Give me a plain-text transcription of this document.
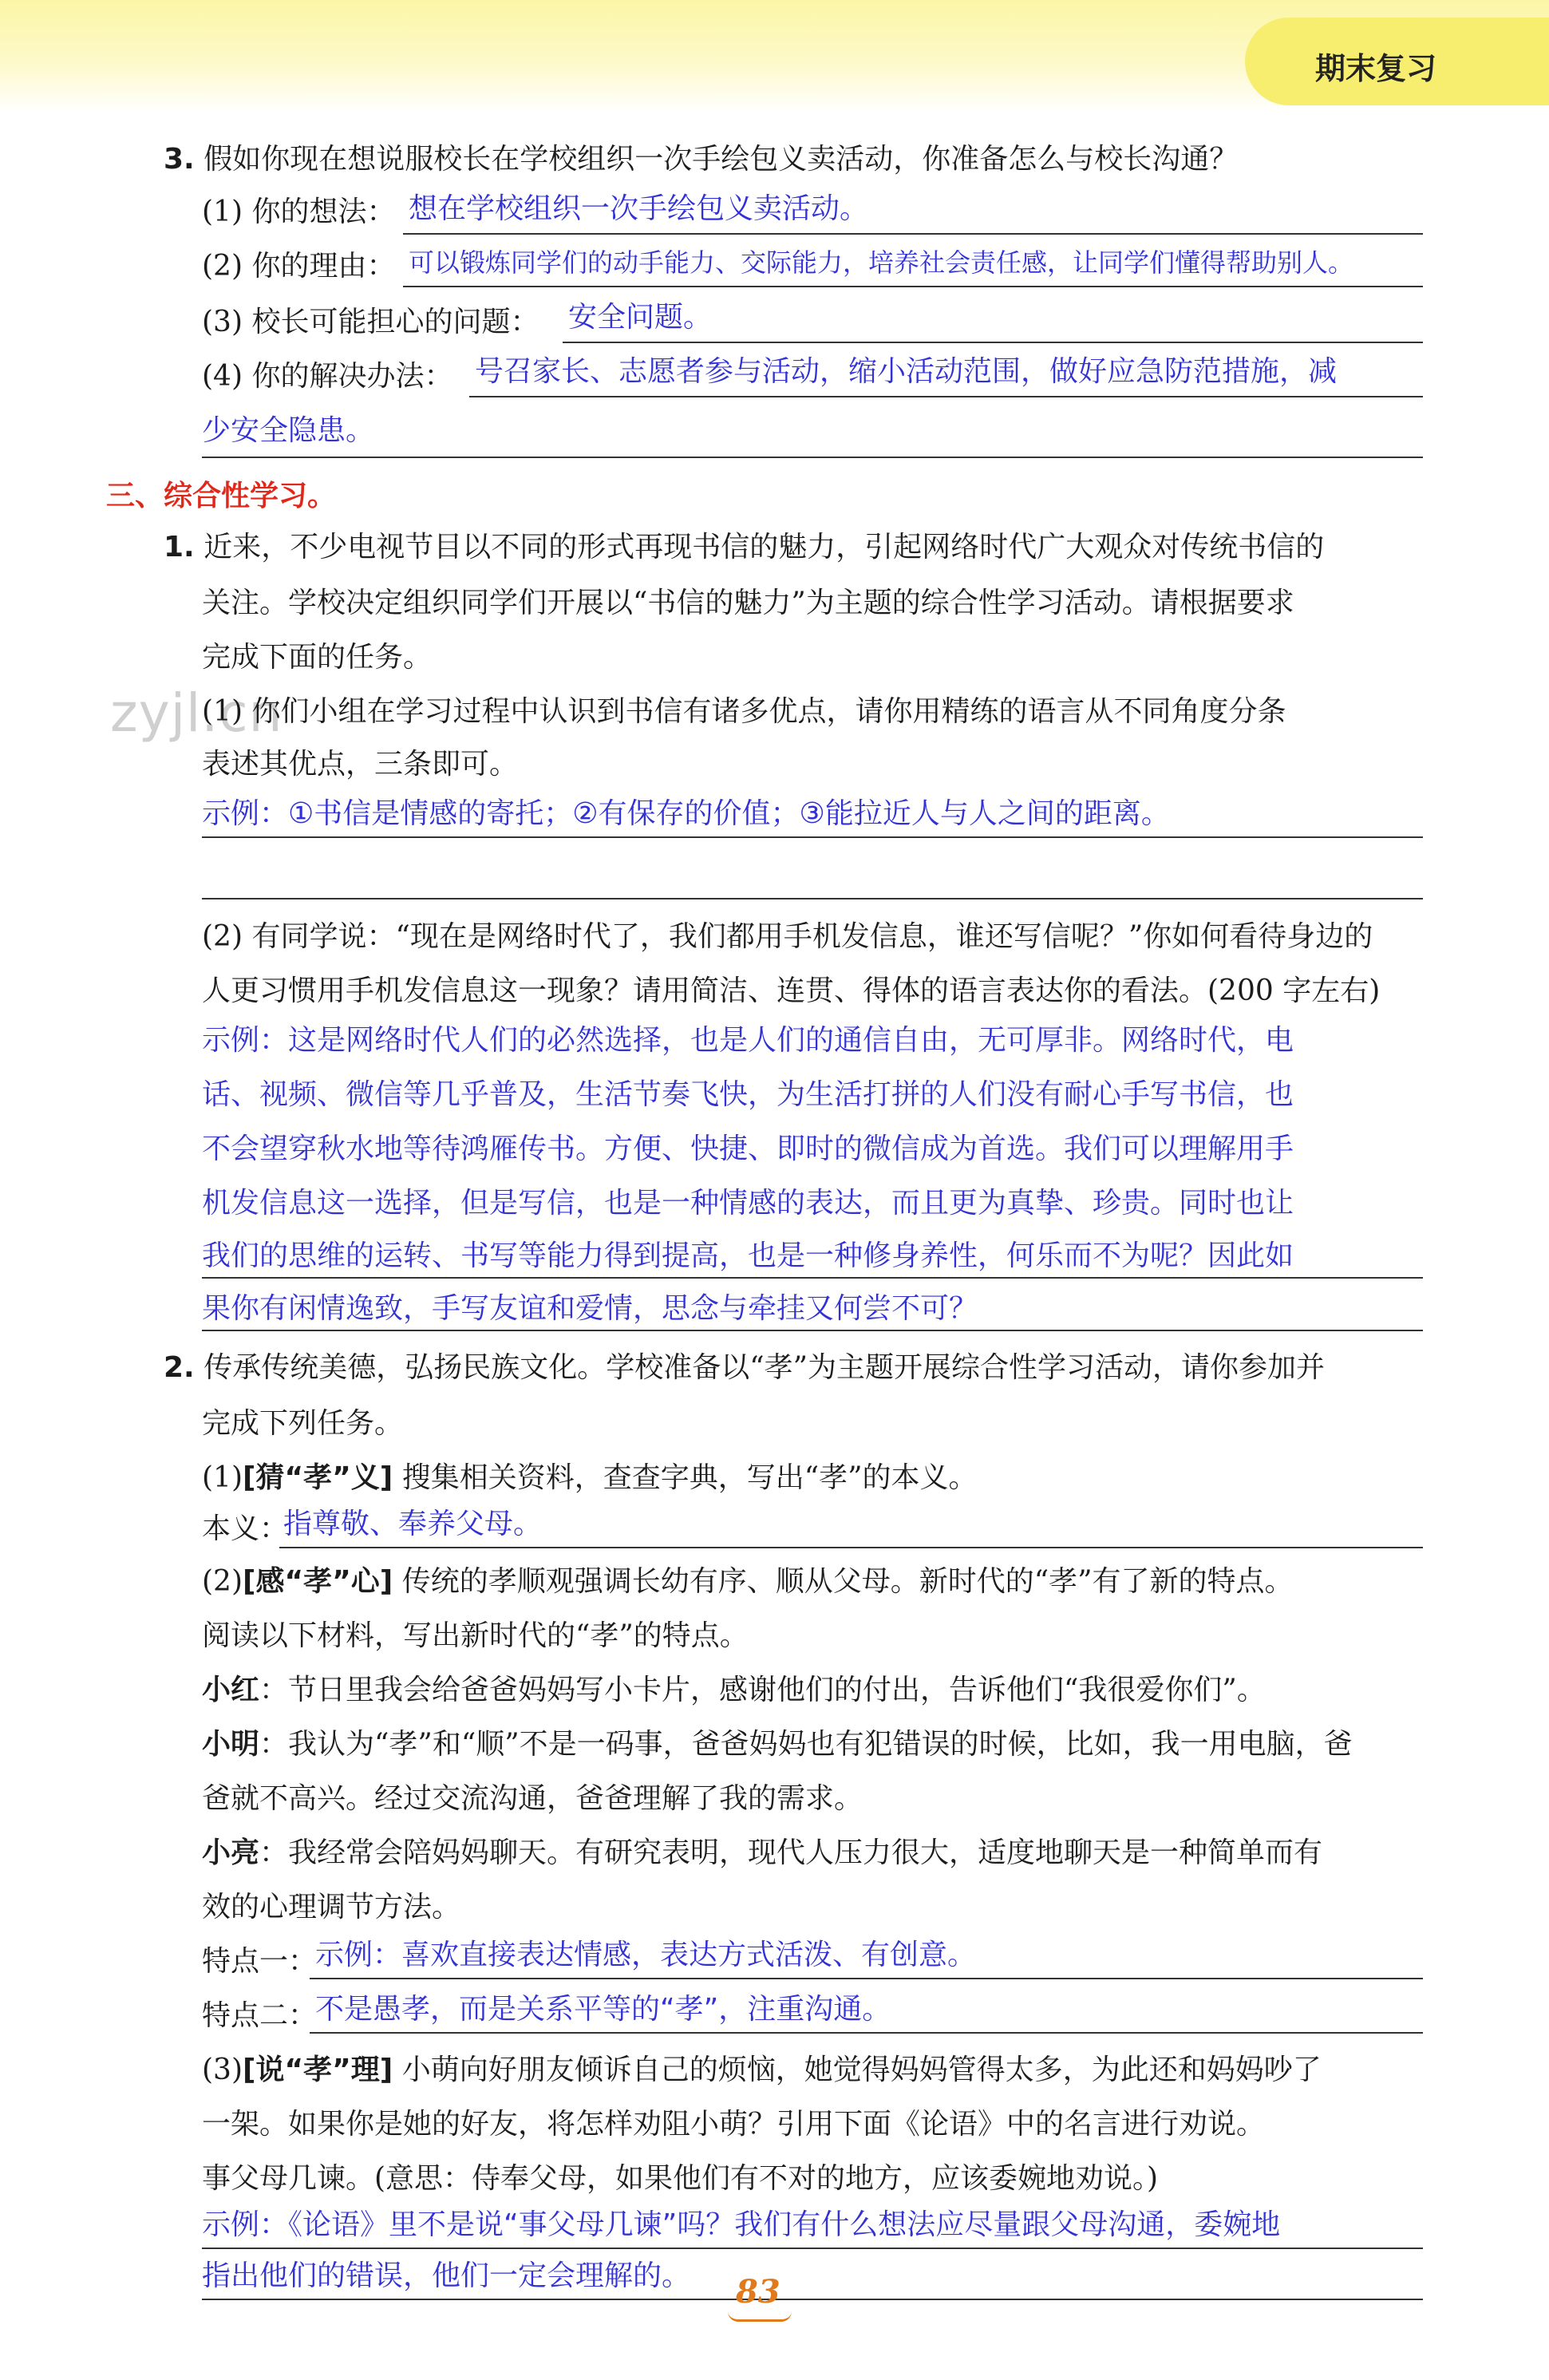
期末复习
zyjl.cn
3. 假如你现在想说服校长在学校组织一次手绘包义卖活动，你准备怎么与校长沟通？
(1) 你的想法： 想在学校组织一次手绘包义卖活动。
(2) 你的理由： 可以锻炼同学们的动手能力、交际能力，培养社会责任感，让同学们懂得帮助别人。
(3) 校长可能担心的问题： 安全问题。
(4) 你的解决办法： 号召家长、志愿者参与活动，缩小活动范围，做好应急防范措施，减
少安全隐患。
三、综合性学习。
1. 近来，不少电视节目以不同的形式再现书信的魅力，引起网络时代广大观众对传统书信的
关注。学校决定组织同学们开展以“书信的魅力”为主题的综合性学习活动。请根据要求
完成下面的任务。
(1) 你们小组在学习过程中认识到书信有诸多优点，请你用精练的语言从不同角度分条
表述其优点，三条即可。
示例：①书信是情感的寄托；②有保存的价值；③能拉近人与人之间的距离。
(2) 有同学说：“现在是网络时代了，我们都用手机发信息，谁还写信呢？”你如何看待身边的
人更习惯用手机发信息这一现象？请用简洁、连贯、得体的语言表达你的看法。(200 字左右)
示例：这是网络时代人们的必然选择，也是人们的通信自由，无可厚非。网络时代，电
话、视频、微信等几乎普及，生活节奏飞快，为生活打拼的人们没有耐心手写书信，也
不会望穿秋水地等待鸿雁传书。方便、快捷、即时的微信成为首选。我们可以理解用手
机发信息这一选择，但是写信，也是一种情感的表达，而且更为真挚、珍贵。同时也让
我们的思维的运转、书写等能力得到提高，也是一种修身养性，何乐而不为呢？因此如
果你有闲情逸致，手写友谊和爱情，思念与牵挂又何尝不可？
2. 传承传统美德，弘扬民族文化。学校准备以“孝”为主题开展综合性学习活动，请你参加并
完成下列任务。
(1)[猜“孝”义] 搜集相关资料，查查字典，写出“孝”的本义。
本义：
指尊敬、奉养父母。
(2)[感“孝”心] 传统的孝顺观强调长幼有序、顺从父母。新时代的“孝”有了新的特点。
阅读以下材料，写出新时代的“孝”的特点。
小红：节日里我会给爸爸妈妈写小卡片，感谢他们的付出，告诉他们“我很爱你们”。
小明：我认为“孝”和“顺”不是一码事，爸爸妈妈也有犯错误的时候，比如，我一用电脑，爸
爸就不高兴。经过交流沟通，爸爸理解了我的需求。
小亮：我经常会陪妈妈聊天。有研究表明，现代人压力很大，适度地聊天是一种简单而有
效的心理调节方法。
特点一：
示例：喜欢直接表达情感，表达方式活泼、有创意。
特点二：
不是愚孝，而是关系平等的“孝”，注重沟通。
(3)[说“孝”理] 小萌向好朋友倾诉自己的烦恼，她觉得妈妈管得太多，为此还和妈妈吵了
一架。如果你是她的好友，将怎样劝阻小萌？引用下面《论语》中的名言进行劝说。
事父母几谏。(意思：侍奉父母，如果他们有不对的地方，应该委婉地劝说。)
示例：《论语》里不是说“事父母几谏”吗？我们有什么想法应尽量跟父母沟通，委婉地
指出他们的错误，他们一定会理解的。 83
